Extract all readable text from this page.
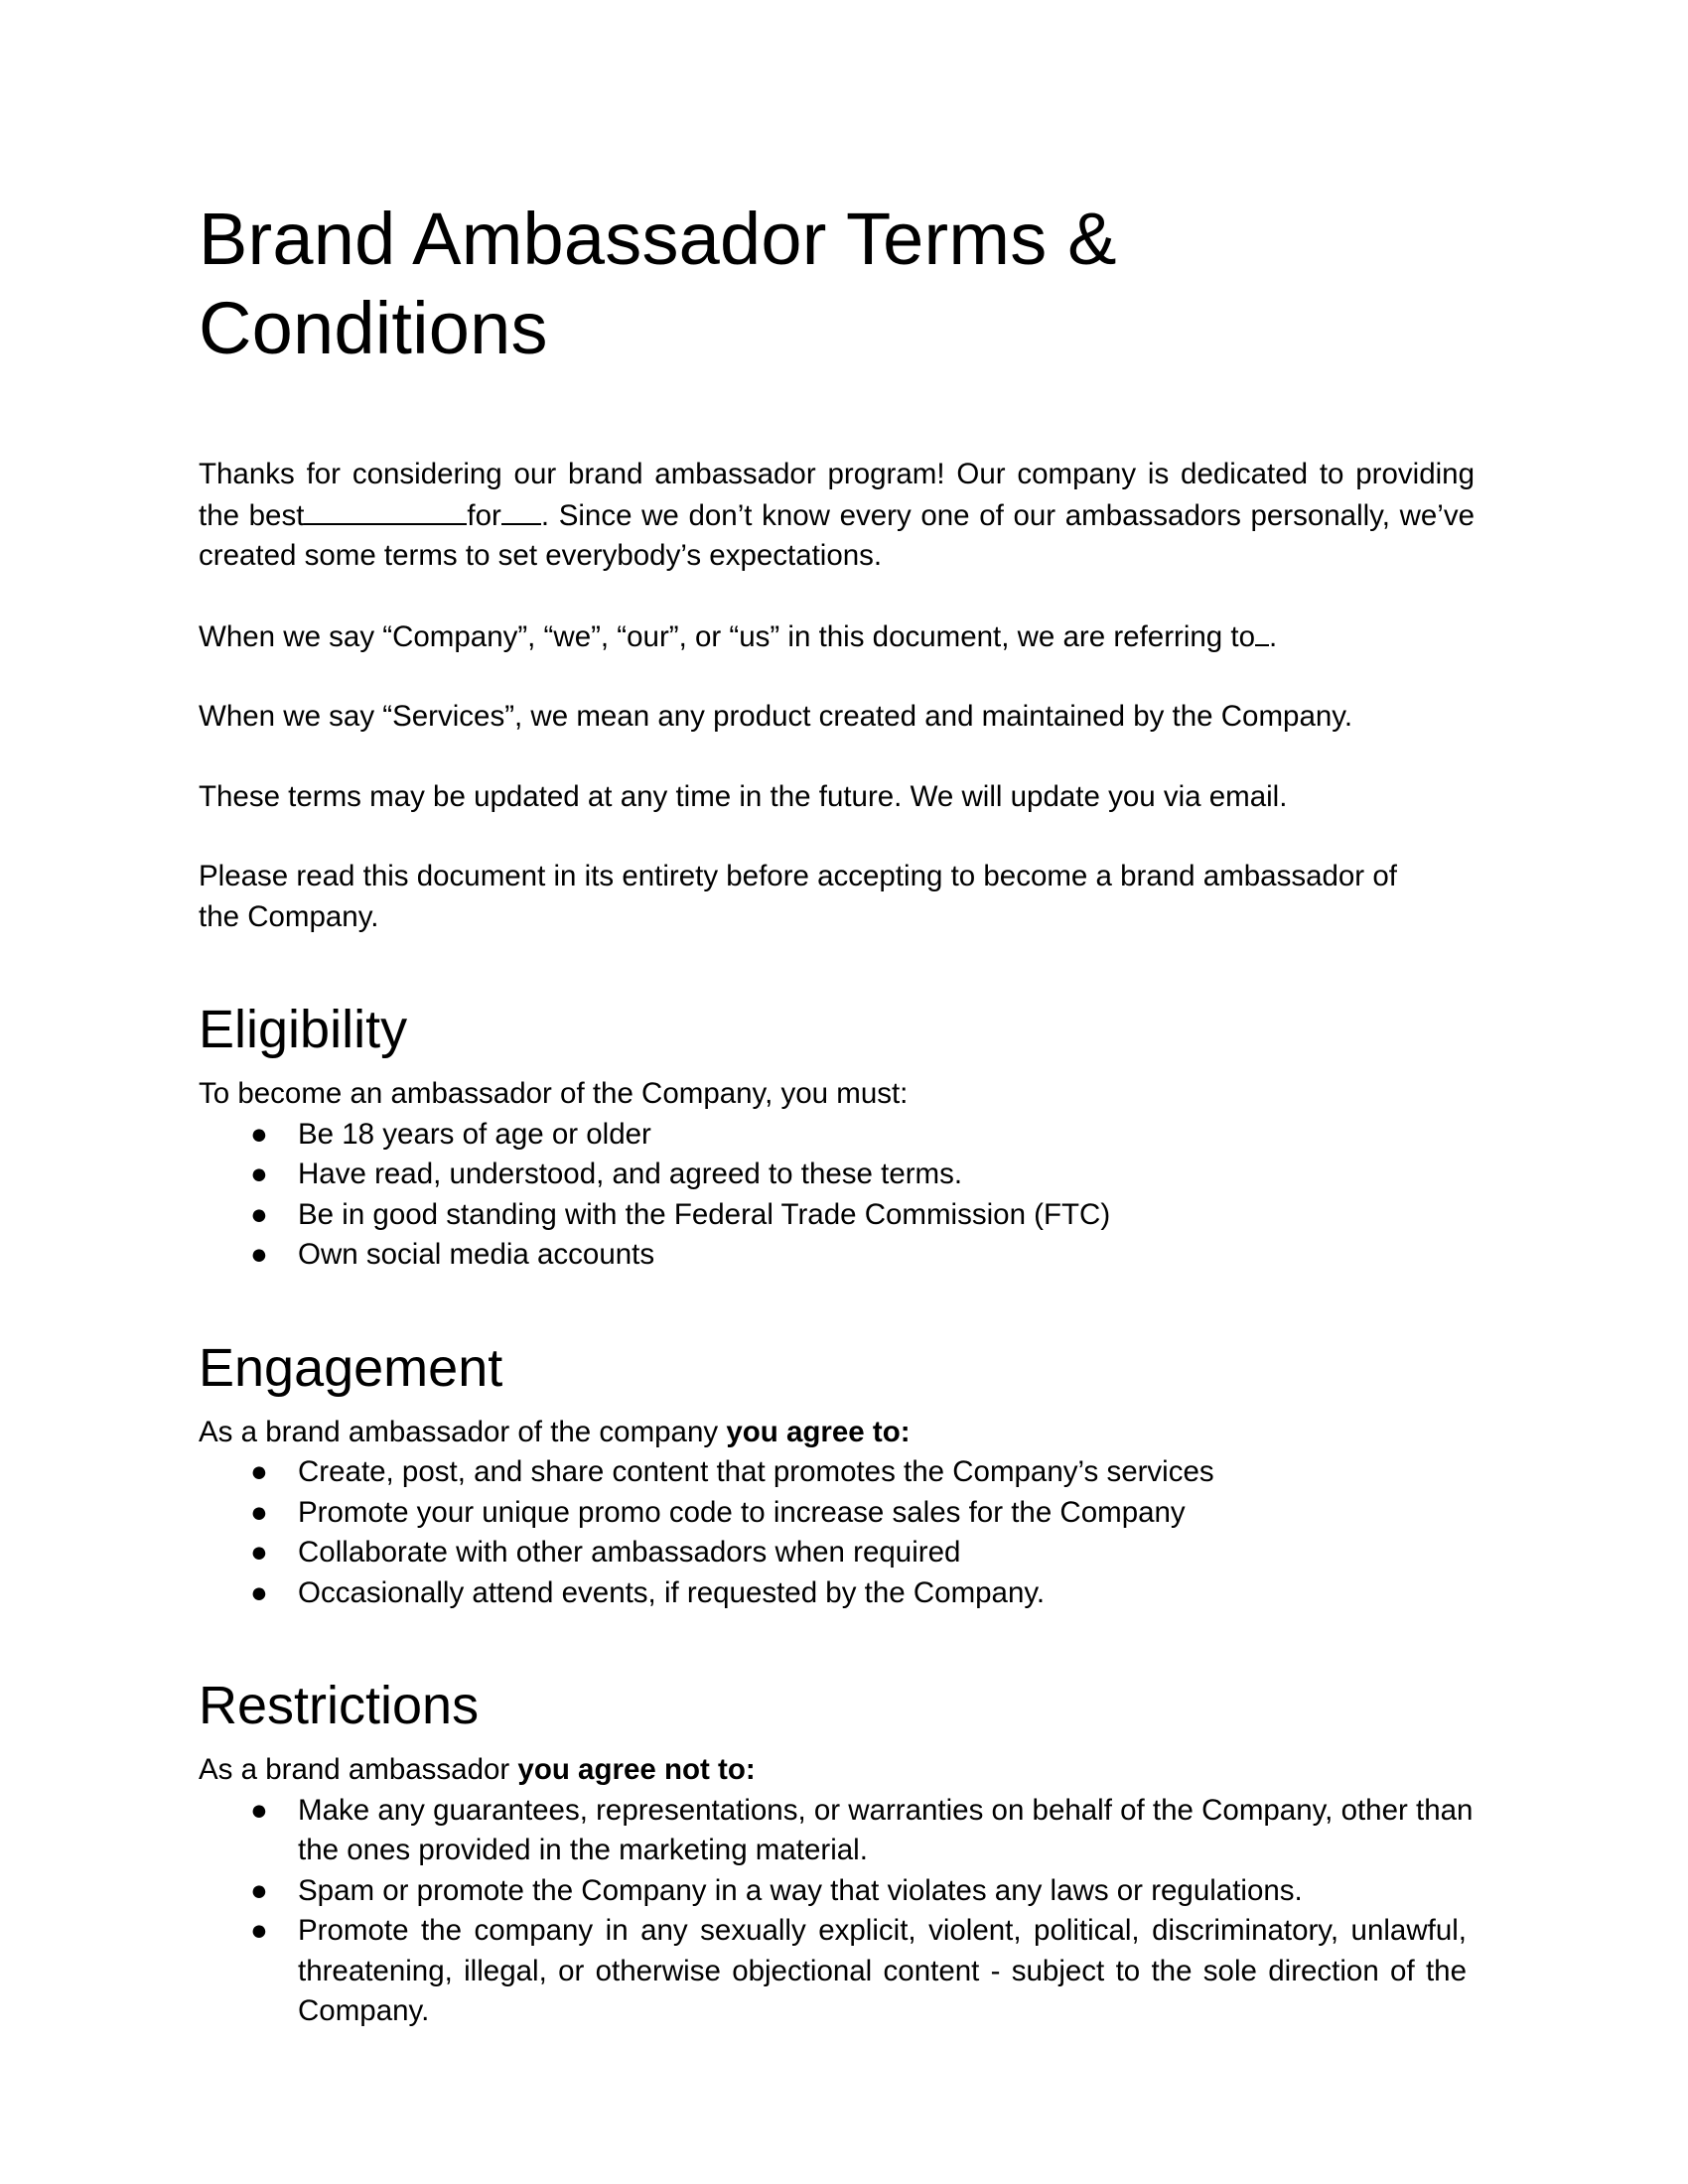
Brand Ambassador Terms & Conditions

Thanks for considering our brand ambassador program! Our company is dedicated to providing the best	for . Since we don’t know every one of our ambassadors personally, we’ve created some terms to set everybody’s expectations.

When we say “Company”, “we”, “our”, or “us” in this document, we are referring to .

When we say “Services”, we mean any product created and maintained by the Company.

These terms may be updated at any time in the future. We will update you via email.

Please read this document in its entirety before accepting to become a brand ambassador of the Company.

Eligibility

To become an ambassador of the Company, you must:

● Be 18 years of age or older
● Have read, understood, and agreed to these terms.
● Be in good standing with the Federal Trade Commission (FTC)
● Own social media accounts
Engagement

As a brand ambassador of the company you agree to:

● Create, post, and share content that promotes the Company’s services
● Promote your unique promo code to increase sales for the Company
● Collaborate with other ambassadors when required
● Occasionally attend events, if requested by the Company.
Restrictions

As a brand ambassador you agree not to:

● Make any guarantees, representations, or warranties on behalf of the Company, other than the ones provided in the marketing material.
● Spam or promote the Company in a way that violates any laws or regulations.
● Promote the company in any sexually explicit, violent, political, discriminatory, unlawful, threatening, illegal, or otherwise objectional content - subject to the sole direction of the Company.
